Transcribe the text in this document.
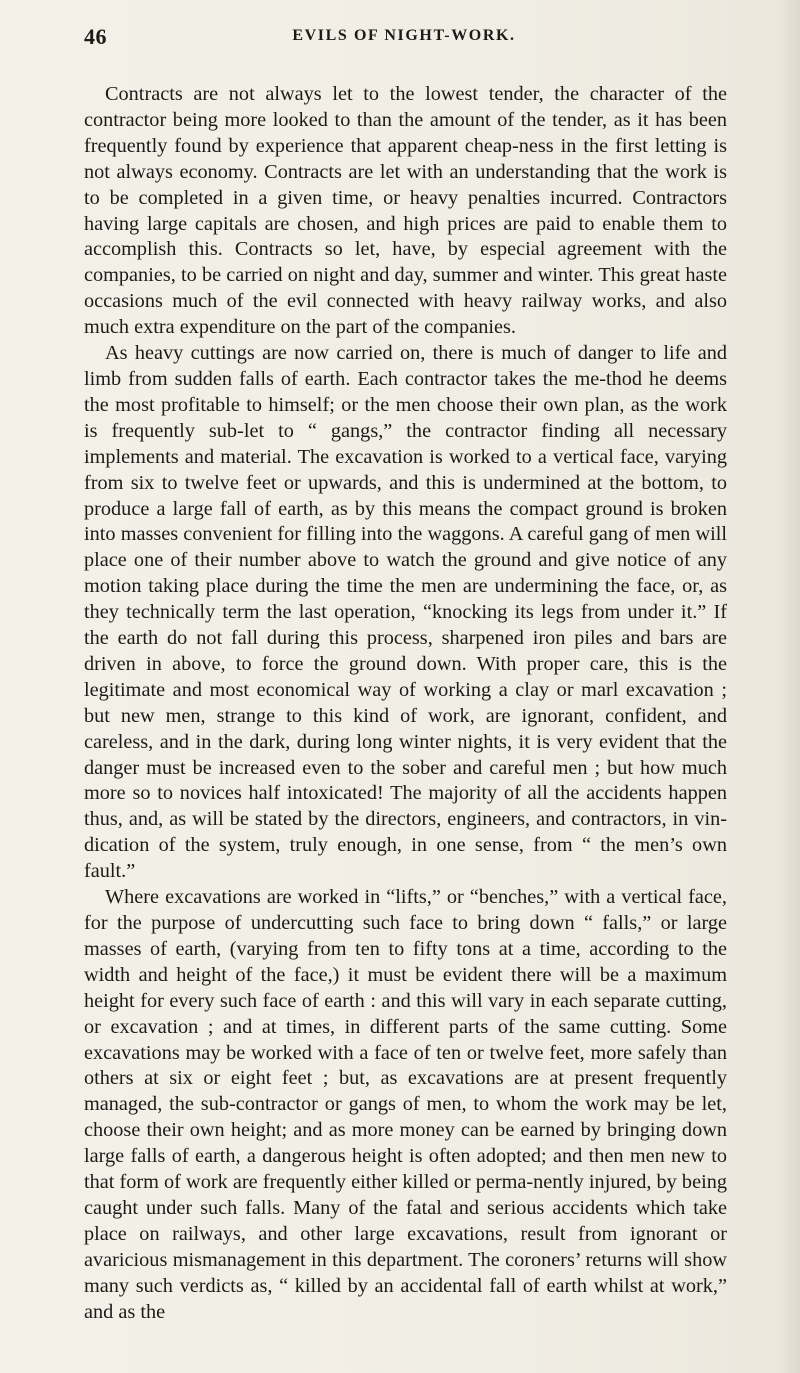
46	EVILS OF NIGHT-WORK.

Contracts are not always let to the lowest tender, the character of the contractor being more looked to than the amount of the tender, as it has been frequently found by experience that apparent cheap-ness in the first letting is not always economy. Contracts are let with an understanding that the work is to be completed in a given time, or heavy penalties incurred. Contractors having large capitals are chosen, and high prices are paid to enable them to accomplish this. Contracts so let, have, by especial agreement with the companies, to be carried on night and day, summer and winter. This great haste occasions much of the evil connected with heavy railway works, and also much extra expenditure on the part of the companies.

As heavy cuttings are now carried on, there is much of danger to life and limb from sudden falls of earth. Each contractor takes the me-thod he deems the most profitable to himself; or the men choose their own plan, as the work is frequently sub-let to “ gangs,” the contractor finding all necessary implements and material. The excavation is worked to a vertical face, varying from six to twelve feet or upwards, and this is undermined at the bottom, to produce a large fall of earth, as by this means the compact ground is broken into masses convenient for filling into the waggons. A careful gang of men will place one of their number above to watch the ground and give notice of any motion taking place during the time the men are undermining the face, or, as they technically term the last operation, “knocking its legs from under it.” If the earth do not fall during this process, sharpened iron piles and bars are driven in above, to force the ground down. With proper care, this is the legitimate and most economical way of working a clay or marl excavation ; but new men, strange to this kind of work, are ignorant, confident, and careless, and in the dark, during long winter nights, it is very evident that the danger must be increased even to the sober and careful men ; but how much more so to novices half intoxicated! The majority of all the accidents happen thus, and, as will be stated by the directors, engineers, and contractors, in vin-dication of the system, truly enough, in one sense, from “ the men’s own fault.”

Where excavations are worked in “lifts,” or “benches,” with a vertical face, for the purpose of undercutting such face to bring down “ falls,” or large masses of earth, (varying from ten to fifty tons at a time, according to the width and height of the face,) it must be evident there will be a maximum height for every such face of earth : and this will vary in each separate cutting, or excavation ; and at times, in different parts of the same cutting. Some excavations may be worked with a face of ten or twelve feet, more safely than others at six or eight feet ; but, as excavations are at present frequently managed, the sub-contractor or gangs of men, to whom the work may be let, choose their own height; and as more money can be earned by bringing down large falls of earth, a dangerous height is often adopted; and then men new to that form of work are frequently either killed or perma-nently injured, by being caught under such falls. Many of the fatal and serious accidents which take place on railways, and other large excavations, result from ignorant or avaricious mismanagement in this department. The coroners’ returns will show many such verdicts as, “ killed by an accidental fall of earth whilst at work,” and as the
